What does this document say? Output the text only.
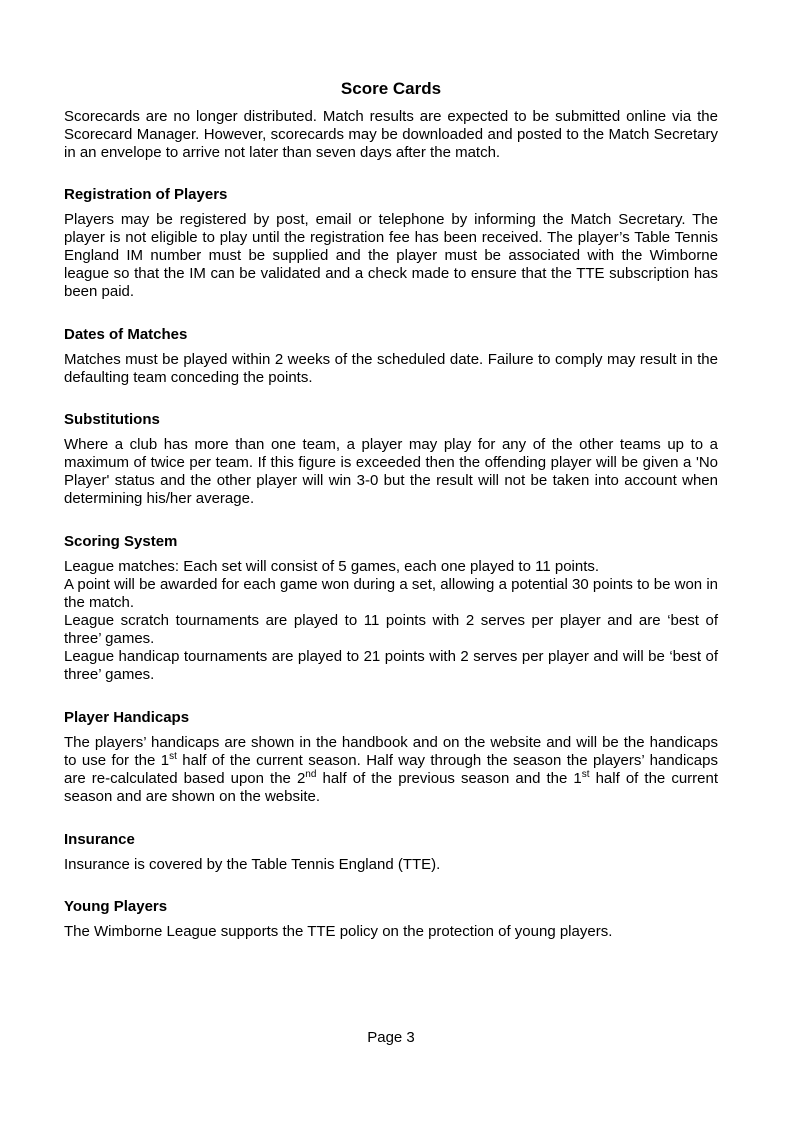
Score Cards

Scorecards are no longer distributed. Match results are expected to be submitted online via the Scorecard Manager. However, scorecards may be downloaded and posted to the Match Secretary in an envelope to arrive not later than seven days after the match.

Registration of Players

Players may be registered by post, email or telephone by informing the Match Secretary. The player is not eligible to play until the registration fee has been received. The player’s Table Tennis England IM number must be supplied and the player must be associated with the Wimborne league so that the IM can be validated and a check made to ensure that the TTE subscription has been paid.

Dates of Matches

Matches must be played within 2 weeks of the scheduled date. Failure to comply may result in the defaulting team conceding the points.

Substitutions

Where a club has more than one team, a player may play for any of the other teams up to a maximum of twice per team. If this figure is exceeded then the offending player will be given a 'No Player' status and the other player will win 3-0 but the result will not be taken into account when determining his/her average.

Scoring System

League matches: Each set will consist of 5 games, each one played to 11 points.

A point will be awarded for each game won during a set, allowing a potential 30 points to be won in the match.

League scratch tournaments are played to 11 points with 2 serves per player and are ‘best of three’ games.

League handicap tournaments are played to 21 points with 2 serves per player and will be ‘best of three’ games.

Player Handicaps

The players’ handicaps are shown in the handbook and on the website and will be the handicaps to use for the 1st half of the current season. Half way through the season the players’ handicaps are re-calculated based upon the 2nd half of the previous season and the 1st half of the current season and are shown on the website.

Insurance

Insurance is covered by the Table Tennis England (TTE).

Young Players

The Wimborne League supports the TTE policy on the protection of young players.

Page 3
